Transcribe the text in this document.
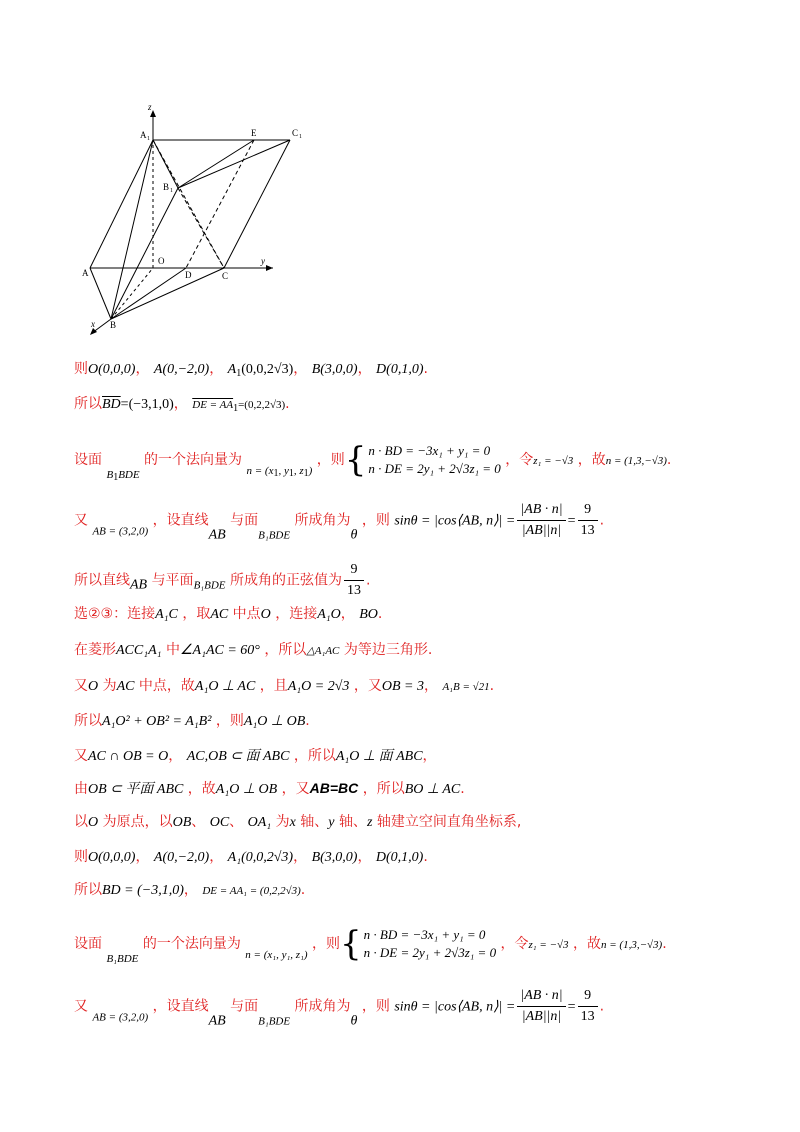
z
A 1
E	C 1
B 1
O	y
A	D	C
x B
则O(0,0,0)， A(0,−2,0)， $A_1(0,0,2√3)$， B(3,0,0)， D(0,1,0).
所以$\overline{BD}=(-3,1,0)$， DE = $AA_1=(0,2,2√3)$.
设面 $_{B1BDE}$ 的一个法向量为 $_{n = (x1, y1, z1)}$ ，则{ n · BD = −3x₁ + y₁ = 0
n · DE = 2y₁ + 2√3z₁ = 0
，令z₁ = −√3 ，故n = (1,3,−√3).
又 $_{AB = (3,2,0)}$ ，设直线AB 与面$_{B_1BDE}$ 所成角为θ ，则 sinθ = |cos⟨AB, n⟩| = $\frac{|AB \cdot n|}{|AB||n|} = \frac{9}{13}$ .
所以直线AB 与平面$_{B_1BDE}$ 所成角的正弦值为 $\frac{9}{13}$ .
选②③：连接A₁C ，取AC 中点O ，连接A₁O， BO.
在菱形ACC₁A₁ 中∠A₁AC = 60° ，所以△A₁AC 为等边三角形.
又O 为AC 中点，故A₁O ⊥ AC ，且A₁O = 2√3 ，又OB = 3， A₁B = √21.
所以A₁O² + OB² = A₁B² ，则A₁O ⊥ OB.
又AC ∩ OB = O， AC,OB ⊂ 面 ABC ，所以A₁O ⊥ 面 ABC，
由OB ⊂ 平面 ABC ，故A₁O ⊥ OB ，又AB=BC ，所以BO ⊥ AC.
以O 为原点，以OB、 OC、 OA₁ 为x 轴、y 轴、z 轴建立空间直角坐标系,
则O(0,0,0)， A(0,−2,0)， A₁(0,0,2√3)， B(3,0,0)， D(0,1,0).
所以BD = (−3,1,0)， DE = AA₁ = (0,2,2√3).
设面 $_{B_1BDE}$ 的一个法向量为 $_{n = (x_1, y_1, z_1)}$ ，则{ n · BD = −3x₁ + y₁ = 0
n · DE = 2y₁ + 2√3z₁ = 0
，令z₁ = −√3 ，故n = (1,3,−√3).
又 $_{AB = (3,2,0)}$ ，设直线AB 与面$_{B_1BDE}$ 所成角为θ ，则 sinθ = |cos⟨AB, n⟩| = $\frac{|AB \cdot n|}{|AB||n|} = \frac{9}{13}$ .
